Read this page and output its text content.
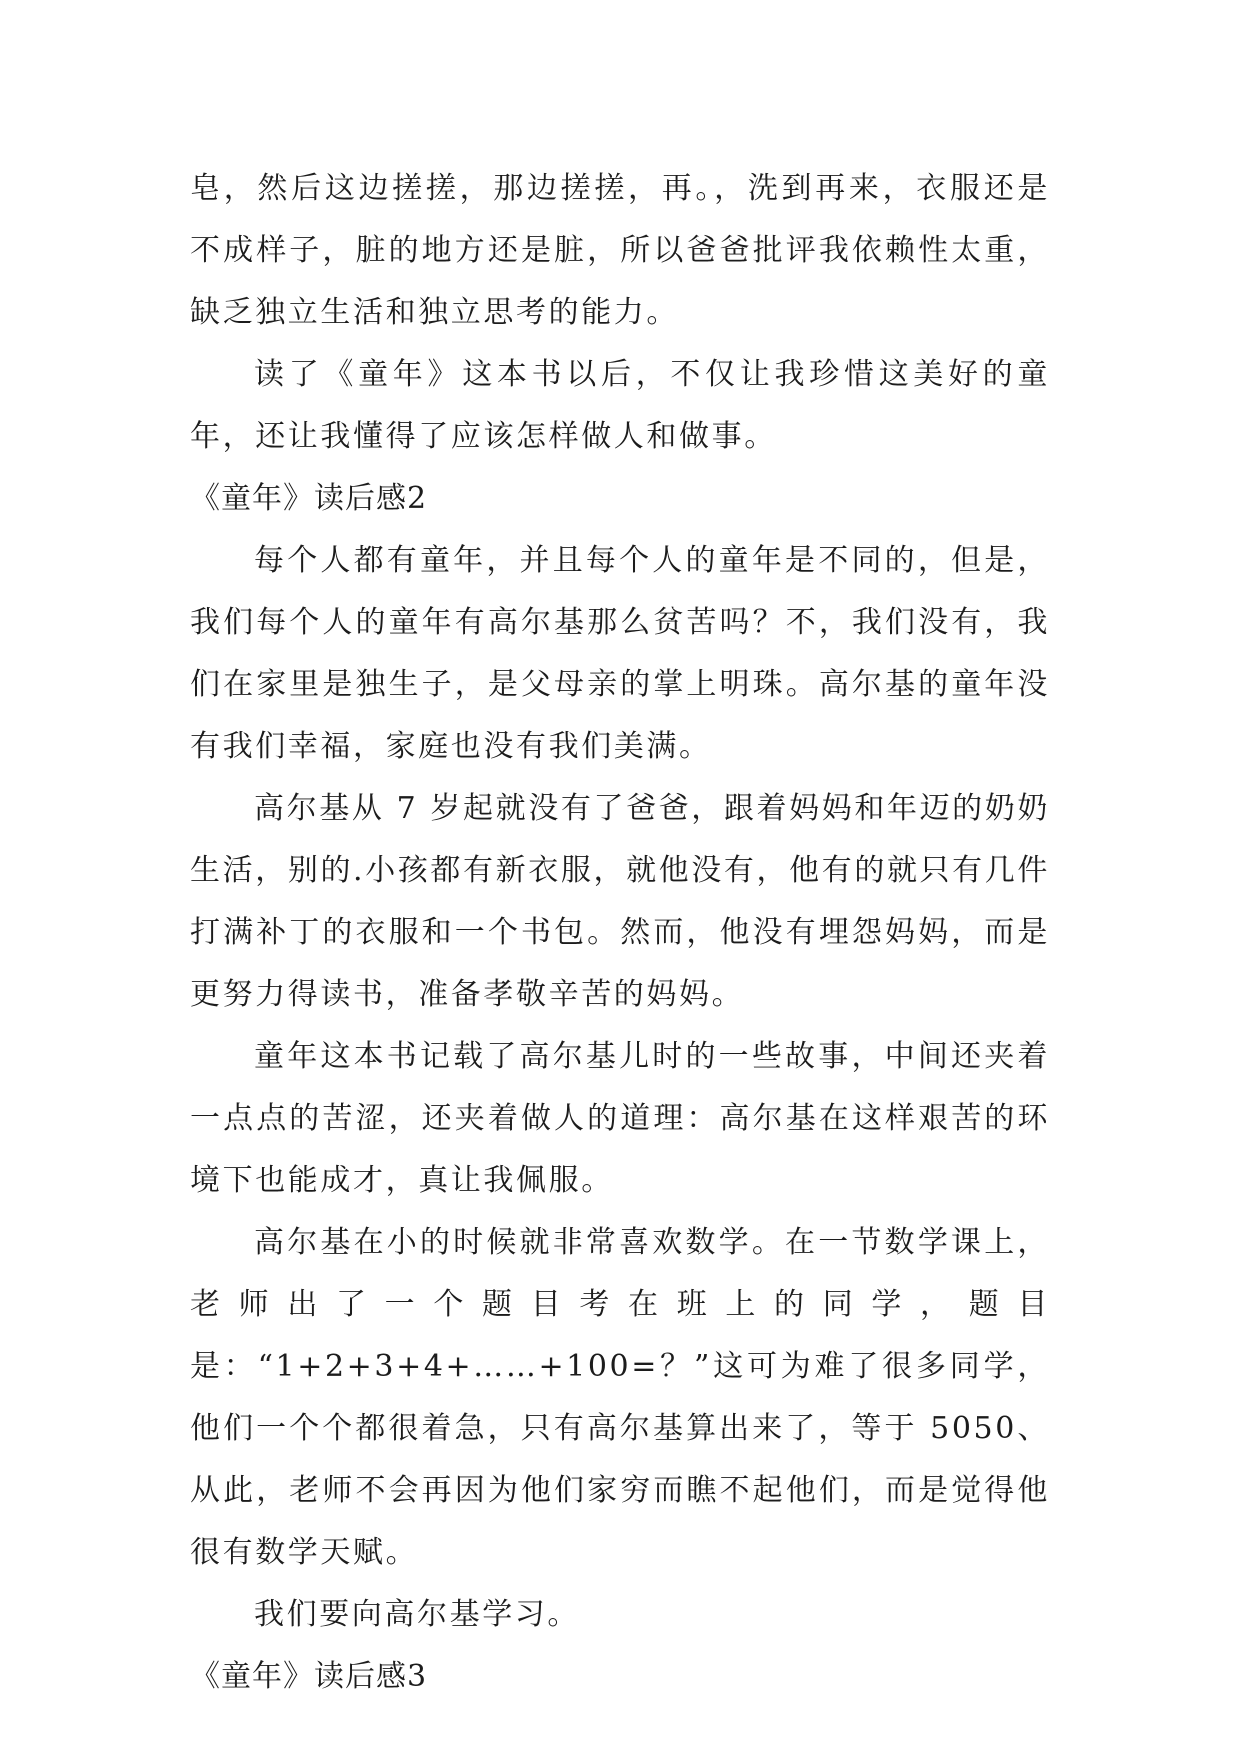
皂，然后这边搓搓，那边搓搓，再。，洗到再来，衣服还是不成样子，脏的地方还是脏，所以爸爸批评我依赖性太重，缺乏独立生活和独立思考的能力。

读了《童年》这本书以后，不仅让我珍惜这美好的童年，还让我懂得了应该怎样做人和做事。

《童年》读后感2

每个人都有童年，并且每个人的童年是不同的，但是，我们每个人的童年有高尔基那么贫苦吗？不，我们没有，我们在家里是独生子，是父母亲的掌上明珠。高尔基的童年没有我们幸福，家庭也没有我们美满。

高尔基从 7 岁起就没有了爸爸，跟着妈妈和年迈的奶奶生活，别的.小孩都有新衣服，就他没有，他有的就只有几件打满补丁的衣服和一个书包。然而，他没有埋怨妈妈，而是更努力得读书，准备孝敬辛苦的妈妈。

童年这本书记载了高尔基儿时的一些故事，中间还夹着一点点的苦涩，还夹着做人的道理：高尔基在这样艰苦的环境下也能成才，真让我佩服。

高尔基在小的时候就非常喜欢数学。在一节数学课上，老师出了一个题目考在班上的同学，题目是：“1+2+3+4+……+100=？”这可为难了很多同学，他们一个个都很着急，只有高尔基算出来了，等于 5050、从此，老师不会再因为他们家穷而瞧不起他们，而是觉得他很有数学天赋。

我们要向高尔基学习。

《童年》读后感3
